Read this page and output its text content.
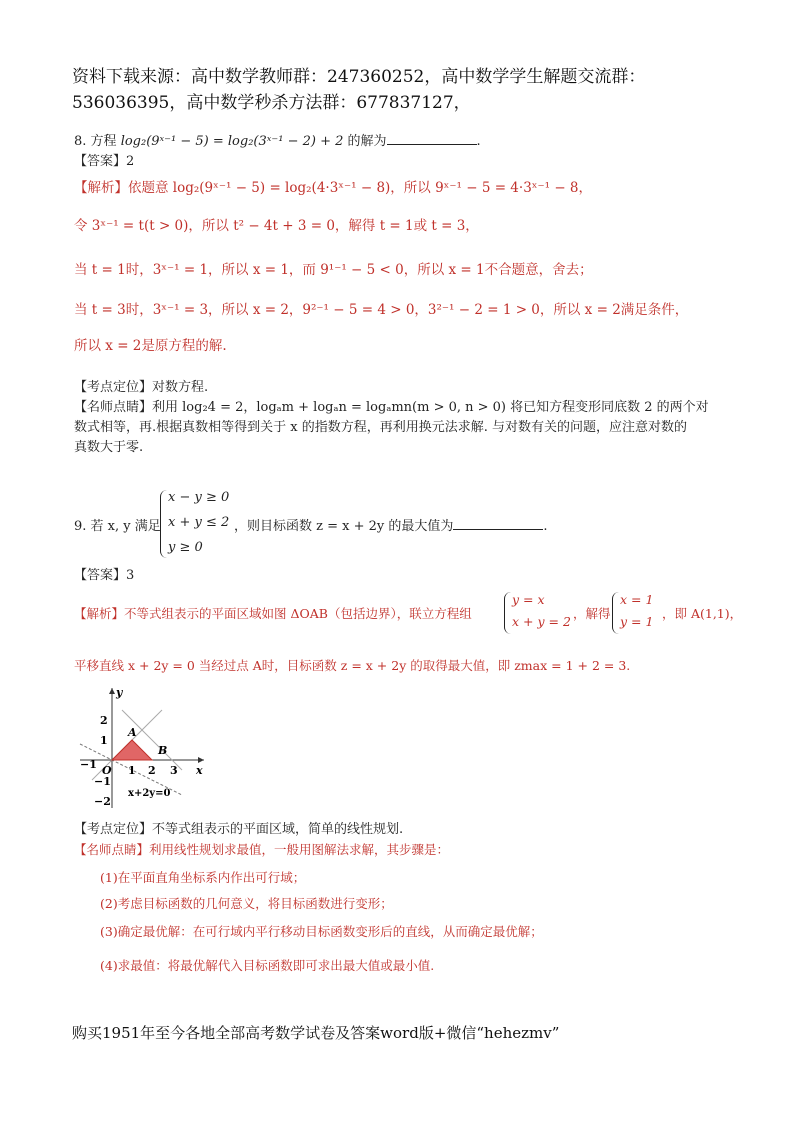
资料下载来源：高中数学教师群：247360252，高中数学学生解题交流群：
536036395，高中数学秒杀方法群：677837127，
8. 方程 log₂(9ˣ⁻¹ − 5) = log₂(3ˣ⁻¹ − 2) + 2 的解为	.
【答案】2
【解析】依题意 log₂(9ˣ⁻¹ − 5) = log₂(4·3ˣ⁻¹ − 8)，所以 9ˣ⁻¹ − 5 = 4·3ˣ⁻¹ − 8，
令 3ˣ⁻¹ = t(t > 0)，所以 t² − 4t + 3 = 0，解得 t = 1或 t = 3，
当 t = 1时，3ˣ⁻¹ = 1，所以 x = 1，而 9¹⁻¹ − 5 < 0，所以 x = 1不合题意，舍去；
当 t = 3时，3ˣ⁻¹ = 3，所以 x = 2，9²⁻¹ − 5 = 4 > 0，3²⁻¹ − 2 = 1 > 0，所以 x = 2满足条件，
所以 x = 2是原方程的解.
【考点定位】对数方程.
【名师点睛】利用 log₂4 = 2，logₐm + logₐn = logₐmn(m > 0, n > 0) 将已知方程变形同底数 2 的两个对
数式相等，再.根据真数相等得到关于 x 的指数方程，再利用换元法求解. 与对数有关的问题，应注意对数的
真数大于零.
9. 若 x, y 满足
x − y ≥ 0
x + y ≤ 2
y ≥ 0
，则目标函数 z = x + 2y 的最大值为	.
【答案】3
【解析】不等式组表示的平面区域如图 ΔOAB（包括边界），联立方程组
y = x
x + y = 2
，解得
x = 1
y = 1
，即 A(1,1)，
平移直线 x + 2y = 0 当经过点 A时，目标函数 z = x + 2y 的取得最大值，即 zmax = 1 + 2 = 3.
y
x
A
B
O
−1	1 2 3
2
1
−1
−2
x+2y=0
【考点定位】不等式组表示的平面区域，简单的线性规划.
【名师点睛】利用线性规划求最值，一般用图解法求解，其步骤是：
(1)在平面直角坐标系内作出可行域；
(2)考虑目标函数的几何意义，将目标函数进行变形；
(3)确定最优解：在可行域内平行移动目标函数变形后的直线，从而确定最优解；
(4)求最值：将最优解代入目标函数即可求出最大值或最小值.
购买1951年至今各地全部高考数学试卷及答案word版+微信“hehezmv”
